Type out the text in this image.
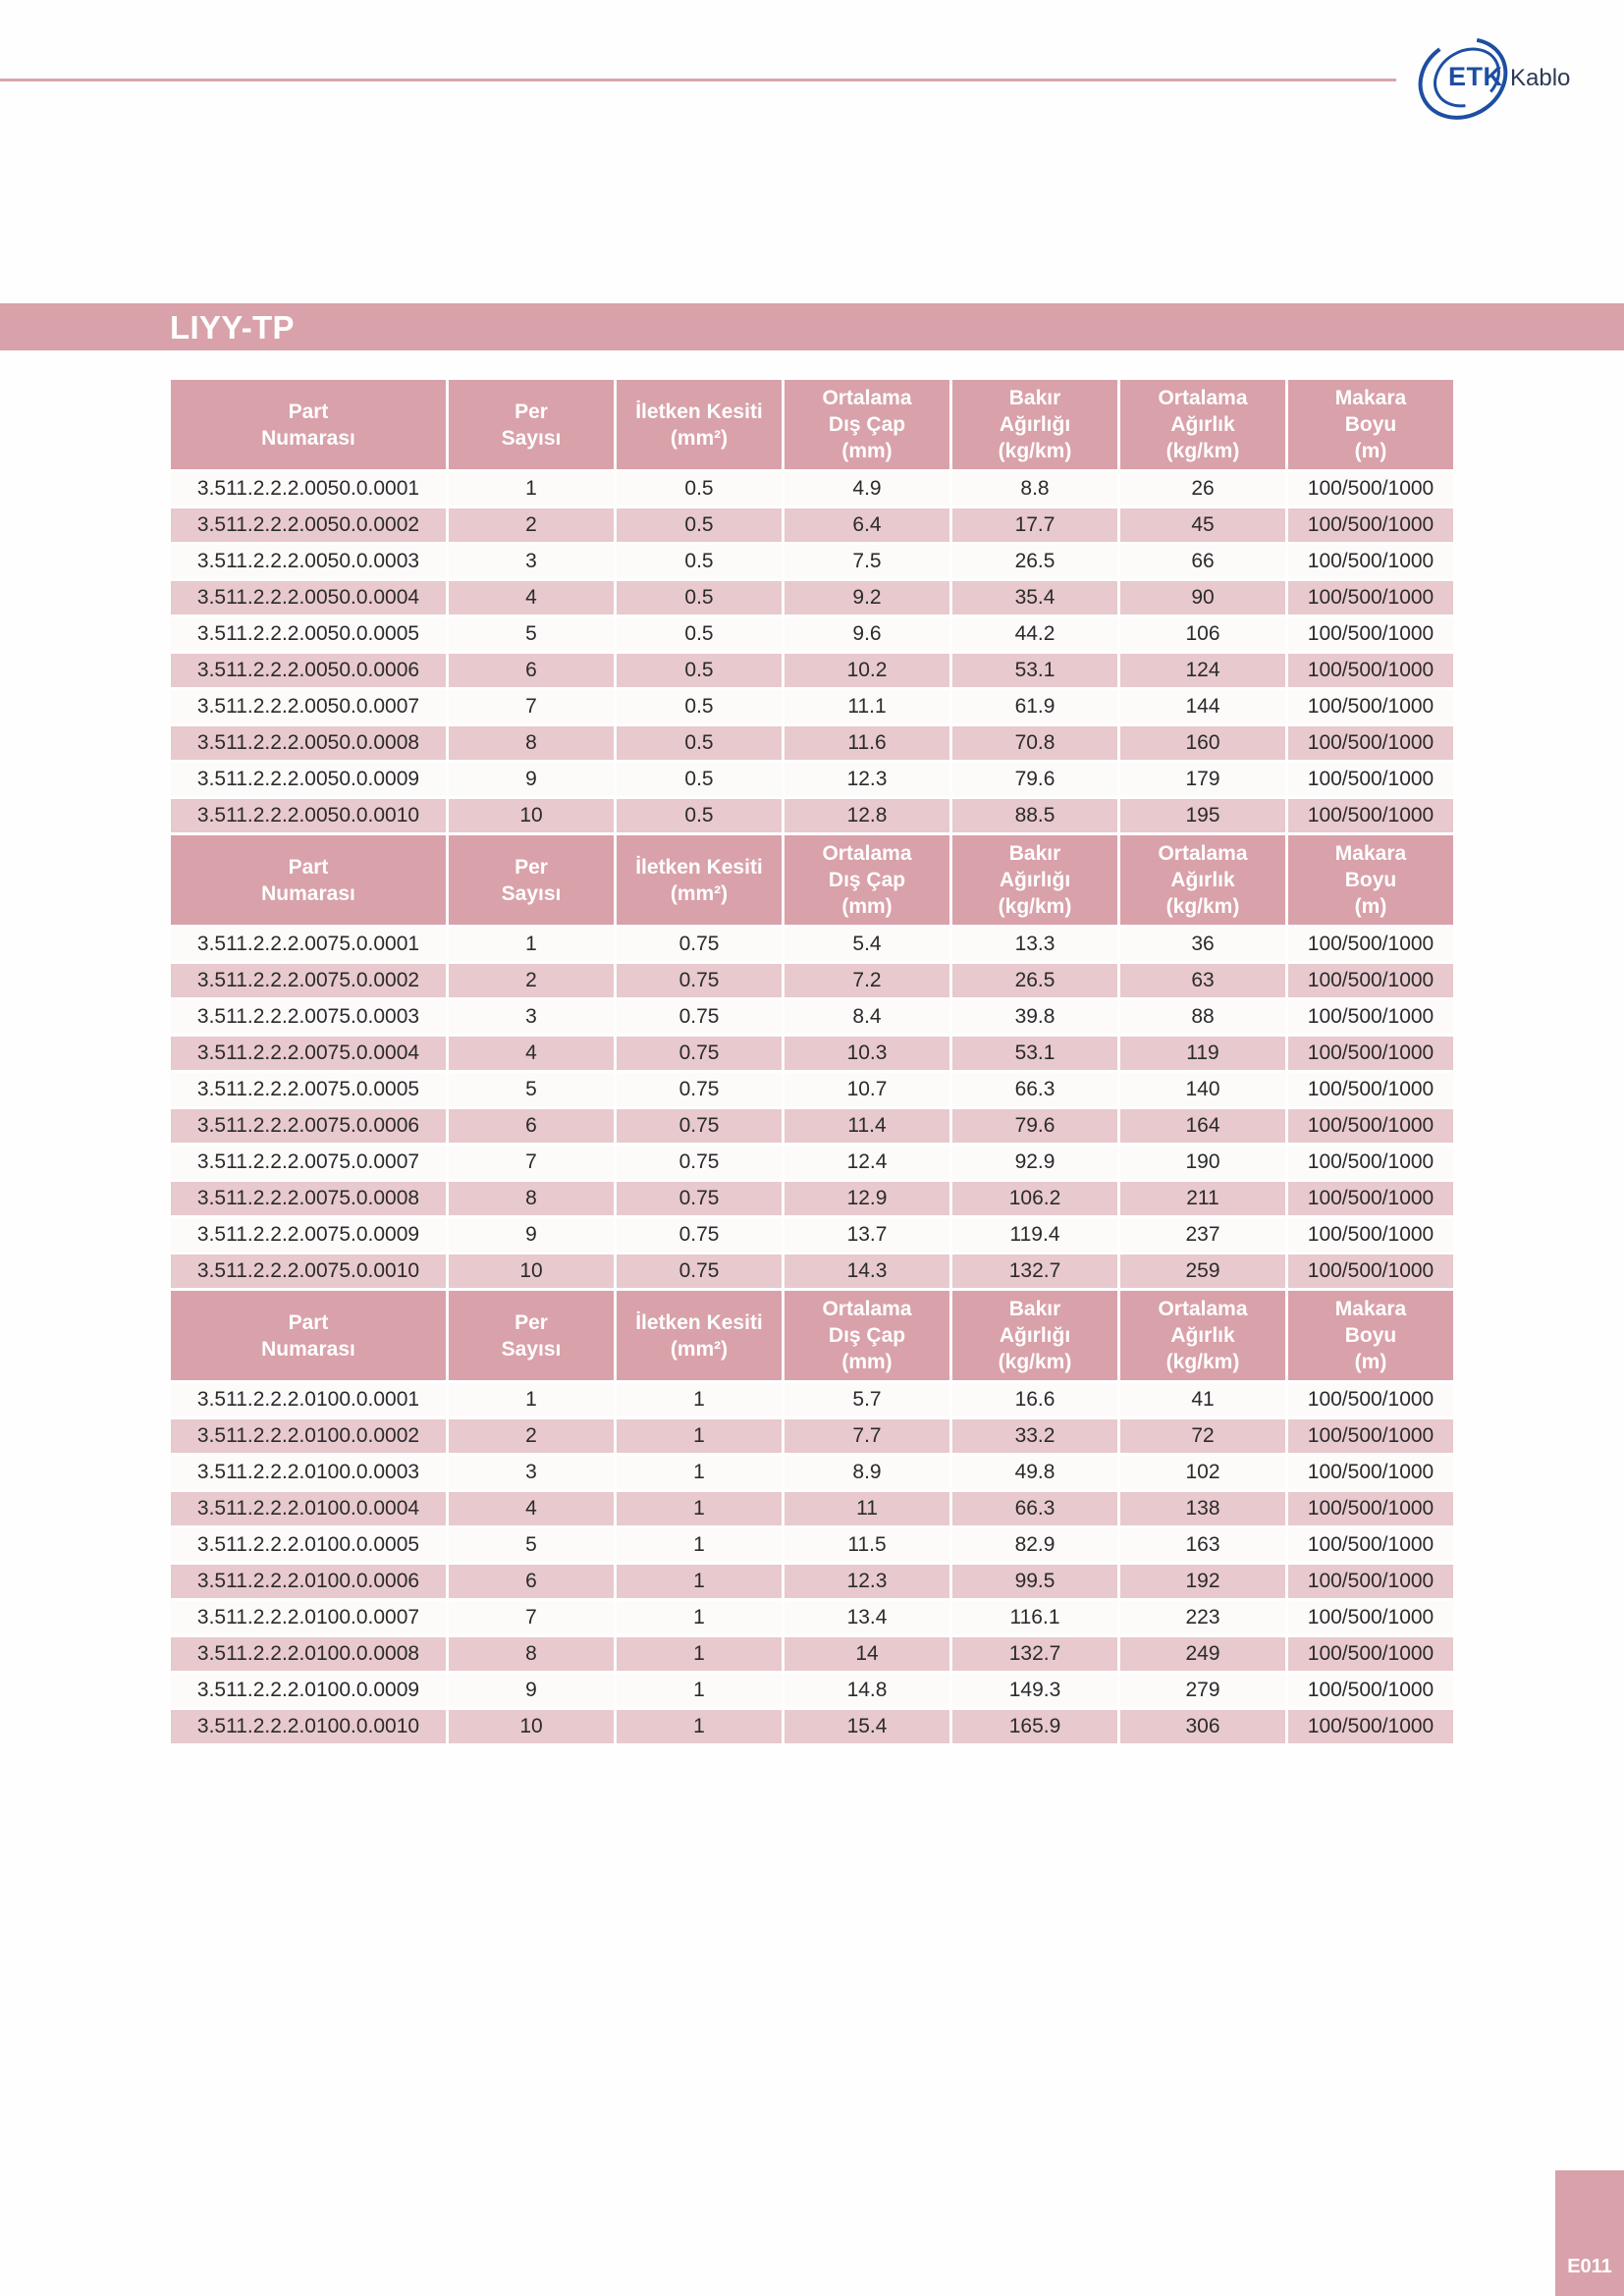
ETK Kablo
LIYY-TP
Part
Numarası	Per
Sayısı	İletken Kesiti
(mm²)	Ortalama
Dış Çap
(mm)	Bakır
Ağırlığı
(kg/km)	Ortalama
Ağırlık
(kg/km)	Makara
Boyu
(m)
3.511.2.2.2.0050.0.0001	1	0.5	4.9	8.8	26	100/500/1000
3.511.2.2.2.0050.0.0002	2	0.5	6.4	17.7	45	100/500/1000
3.511.2.2.2.0050.0.0003	3	0.5	7.5	26.5	66	100/500/1000
3.511.2.2.2.0050.0.0004	4	0.5	9.2	35.4	90	100/500/1000
3.511.2.2.2.0050.0.0005	5	0.5	9.6	44.2	106	100/500/1000
3.511.2.2.2.0050.0.0006	6	0.5	10.2	53.1	124	100/500/1000
3.511.2.2.2.0050.0.0007	7	0.5	11.1	61.9	144	100/500/1000
3.511.2.2.2.0050.0.0008	8	0.5	11.6	70.8	160	100/500/1000
3.511.2.2.2.0050.0.0009	9	0.5	12.3	79.6	179	100/500/1000
3.511.2.2.2.0050.0.0010	10	0.5	12.8	88.5	195	100/500/1000
Part
Numarası	Per
Sayısı	İletken Kesiti
(mm²)	Ortalama
Dış Çap
(mm)	Bakır
Ağırlığı
(kg/km)	Ortalama
Ağırlık
(kg/km)	Makara
Boyu
(m)
3.511.2.2.2.0075.0.0001	1	0.75	5.4	13.3	36	100/500/1000
3.511.2.2.2.0075.0.0002	2	0.75	7.2	26.5	63	100/500/1000
3.511.2.2.2.0075.0.0003	3	0.75	8.4	39.8	88	100/500/1000
3.511.2.2.2.0075.0.0004	4	0.75	10.3	53.1	119	100/500/1000
3.511.2.2.2.0075.0.0005	5	0.75	10.7	66.3	140	100/500/1000
3.511.2.2.2.0075.0.0006	6	0.75	11.4	79.6	164	100/500/1000
3.511.2.2.2.0075.0.0007	7	0.75	12.4	92.9	190	100/500/1000
3.511.2.2.2.0075.0.0008	8	0.75	12.9	106.2	211	100/500/1000
3.511.2.2.2.0075.0.0009	9	0.75	13.7	119.4	237	100/500/1000
3.511.2.2.2.0075.0.0010	10	0.75	14.3	132.7	259	100/500/1000
Part
Numarası	Per
Sayısı	İletken Kesiti
(mm²)	Ortalama
Dış Çap
(mm)	Bakır
Ağırlığı
(kg/km)	Ortalama
Ağırlık
(kg/km)	Makara
Boyu
(m)
3.511.2.2.2.0100.0.0001	1	1	5.7	16.6	41	100/500/1000
3.511.2.2.2.0100.0.0002	2	1	7.7	33.2	72	100/500/1000
3.511.2.2.2.0100.0.0003	3	1	8.9	49.8	102	100/500/1000
3.511.2.2.2.0100.0.0004	4	1	11	66.3	138	100/500/1000
3.511.2.2.2.0100.0.0005	5	1	11.5	82.9	163	100/500/1000
3.511.2.2.2.0100.0.0006	6	1	12.3	99.5	192	100/500/1000
3.511.2.2.2.0100.0.0007	7	1	13.4	116.1	223	100/500/1000
3.511.2.2.2.0100.0.0008	8	1	14	132.7	249	100/500/1000
3.511.2.2.2.0100.0.0009	9	1	14.8	149.3	279	100/500/1000
3.511.2.2.2.0100.0.0010	10	1	15.4	165.9	306	100/500/1000
E011
